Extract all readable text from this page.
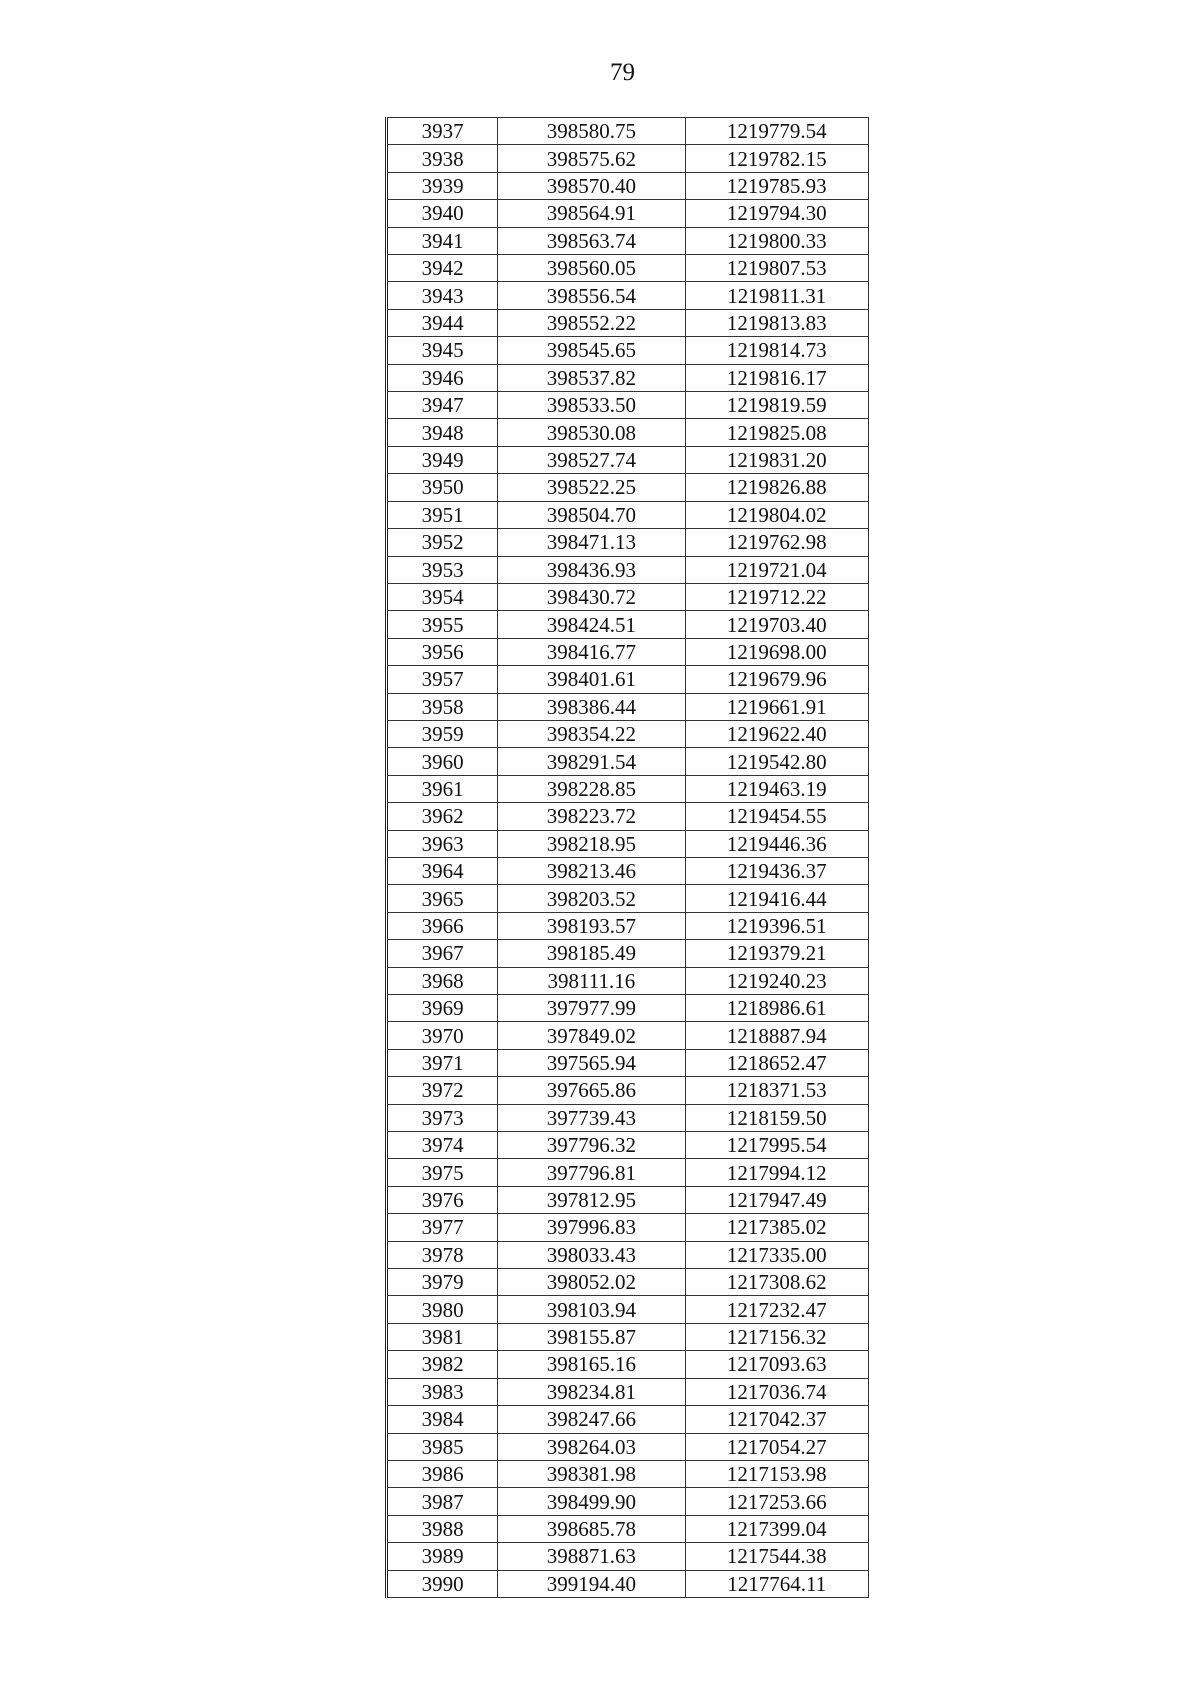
79
3937	398580.75	1219779.54
3938	398575.62	1219782.15
3939	398570.40	1219785.93
3940	398564.91	1219794.30
3941	398563.74	1219800.33
3942	398560.05	1219807.53
3943	398556.54	1219811.31
3944	398552.22	1219813.83
3945	398545.65	1219814.73
3946	398537.82	1219816.17
3947	398533.50	1219819.59
3948	398530.08	1219825.08
3949	398527.74	1219831.20
3950	398522.25	1219826.88
3951	398504.70	1219804.02
3952	398471.13	1219762.98
3953	398436.93	1219721.04
3954	398430.72	1219712.22
3955	398424.51	1219703.40
3956	398416.77	1219698.00
3957	398401.61	1219679.96
3958	398386.44	1219661.91
3959	398354.22	1219622.40
3960	398291.54	1219542.80
3961	398228.85	1219463.19
3962	398223.72	1219454.55
3963	398218.95	1219446.36
3964	398213.46	1219436.37
3965	398203.52	1219416.44
3966	398193.57	1219396.51
3967	398185.49	1219379.21
3968	398111.16	1219240.23
3969	397977.99	1218986.61
3970	397849.02	1218887.94
3971	397565.94	1218652.47
3972	397665.86	1218371.53
3973	397739.43	1218159.50
3974	397796.32	1217995.54
3975	397796.81	1217994.12
3976	397812.95	1217947.49
3977	397996.83	1217385.02
3978	398033.43	1217335.00
3979	398052.02	1217308.62
3980	398103.94	1217232.47
3981	398155.87	1217156.32
3982	398165.16	1217093.63
3983	398234.81	1217036.74
3984	398247.66	1217042.37
3985	398264.03	1217054.27
3986	398381.98	1217153.98
3987	398499.90	1217253.66
3988	398685.78	1217399.04
3989	398871.63	1217544.38
3990	399194.40	1217764.11
